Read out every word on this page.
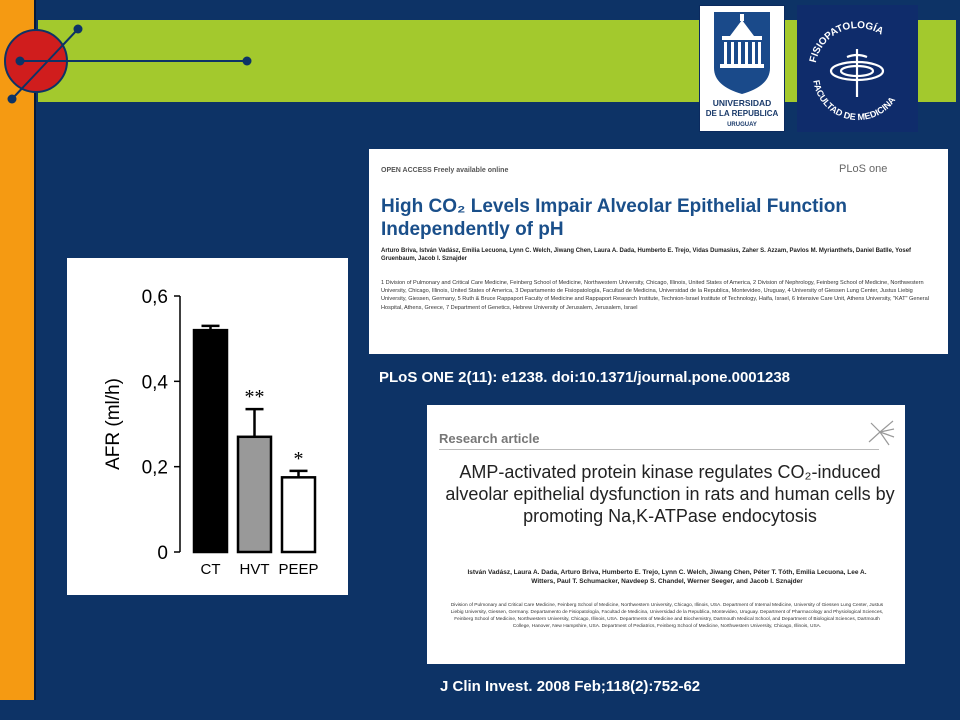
UNIVERSIDAD
DE LA REPUBLICA
URUGUAY
FISIOPATOLOGÍA
FACULTAD DE MEDICINA
OPEN ACCESS Freely available online	PLoS one
High CO₂ Levels Impair Alveolar Epithelial Function Independently of pH
Arturo Briva, István Vadász, Emilia Lecuona, Lynn C. Welch, Jiwang Chen, Laura A. Dada, Humberto E. Trejo, Vidas Dumasius, Zaher S. Azzam, Pavlos M. Myrianthefs, Daniel Batlle, Yosef Gruenbaum, Jacob I. Sznajder
1 Division of Pulmonary and Critical Care Medicine, Feinberg School of Medicine, Northwestern University, Chicago, Illinois, United States of America, 2 Division of Nephrology, Feinberg School of Medicine, Northwestern University, Chicago, Illinois, United States of America, 3 Departamento de Fisiopatología, Facultad de Medicina, Universidad de la Republica, Montevideo, Uruguay, 4 University of Giessen Lung Center, Justus Liebig University, Giessen, Germany, 5 Ruth & Bruce Rappaport Faculty of Medicine and Rappaport Research Institute, Technion-Israel Institute of Technology, Haifa, Israel, 6 Intensive Care Unit, Athens University, "KAT" General Hospital, Athens, Greece, 7 Department of Genetics, Hebrew University of Jerusalem, Jerusalem, Israel
PLoS ONE 2(11): e1238. doi:10.1371/journal.pone.0001238
Research article
AMP-activated protein kinase regulates CO₂-induced alveolar epithelial dysfunction in rats and human cells by promoting Na,K-ATPase endocytosis
István Vadász, Laura A. Dada, Arturo Briva, Humberto E. Trejo, Lynn C. Welch, Jiwang Chen, Péter T. Tóth, Emilia Lecuona, Lee A. Witters, Paul T. Schumacker, Navdeep S. Chandel, Werner Seeger, and Jacob I. Sznajder
Division of Pulmonary and Critical Care Medicine, Feinberg School of Medicine, Northwestern University, Chicago, Illinois, USA. Department of Internal Medicine, University of Giessen Lung Center, Justus Liebig University, Giessen, Germany. Departamento de Fisiopatología, Facultad de Medicina, Universidad de la Republica, Montevideo, Uruguay. Department of Pharmacology and Physiological Sciences, Feinberg School of Medicine, Northwestern University, Chicago, Illinois, USA. Departments of Medicine and Biochemistry, Dartmouth Medical School, and Department of Biological Sciences, Dartmouth College, Hanover, New Hampshire, USA. Department of Pediatrics, Feinberg School of Medicine, Northwestern University, Chicago, Illinois, USA.
J Clin Invest. 2008 Feb;118(2):752-62
0
0,2
0,4
0,6
AFR (ml/h)
CT
**
HVT
*
PEEP
